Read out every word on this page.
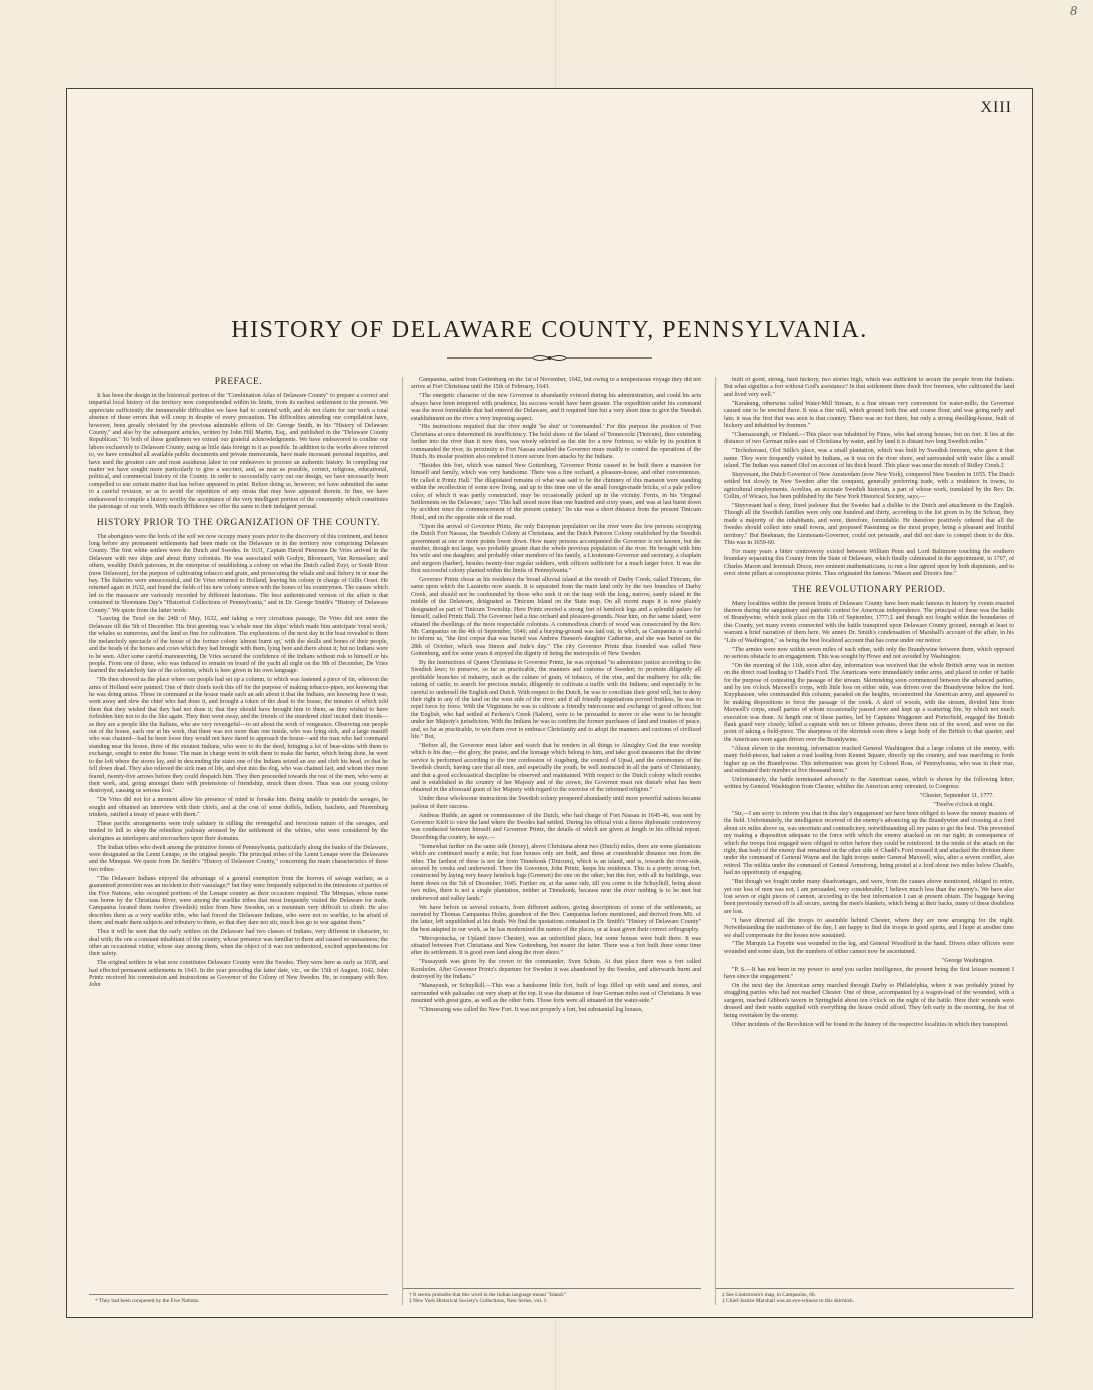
8
XIII
HISTORY OF DELAWARE COUNTY, PENNSYLVANIA.
PREFACE.

It has been the design in the historical portion of the "Combination Atlas of Delaware County" to prepare a correct and impartial local history of the territory now comprehended within its limits, from its earliest settlement to the present. We appreciate sufficiently the innumerable difficulties we have had to contend with, and do not claim for our work a total absence of those errors that will creep in despite of every precaution. The difficulties attending our compilation have, however, been greatly obviated by the previous admirable efforts of Dr. George Smith, in his "History of Delaware County," and also by the subsequent articles, written by John Hill Martin, Esq., and published in the "Delaware County Republican." To both of these gentlemen we extend our grateful acknowledgments. We have endeavored to confine our labors exclusively to Delaware County, using as little data foreign to it as possible. In addition to the works above referred to, we have consulted all available public documents and private memoranda, have made incessant personal inquiries, and have used the greatest care and most assiduous labor in our endeavors to procure an authentic history. In compiling our matter we have sought more particularly to give a succinct, and, as near as possible, correct, religious, educational, political, and commercial history of the County. In order to successfully carry out our design, we have necessarily been compelled to use certain matter that has before appeared in print. Before doing so, however, we have submitted the same to a careful revision, so as to avoid the repetition of any errata that may have appeared therein. In fine, we have endeavored to compile a history worthy the acceptance of the very intelligent portion of the community which constitutes the patronage of our work. With much diffidence we offer the same to their indulgent perusal.

HISTORY PRIOR TO THE ORGANIZATION OF THE COUNTY.

The aborigines were the lords of the soil we now occupy many years prior to the discovery of this continent, and hence long before any permanent settlements had been made on the Delaware or in the territory now comprising Delaware County. The first white settlers were the Dutch and Swedes. In 1631, Captain David Pietersen De Vries arrived in the Delaware with two ships and about thirty colonists. He was associated with Godyn, Bloemaert, Van Rensselaer, and others, wealthy Dutch patroons, in the enterprise of establishing a colony on what the Dutch called Zuyt, or South River (now Delaware), for the purpose of cultivating tobacco and grain, and prosecuting the whale and seal fishery in or near the bay. The fisheries were unsuccessful, and De Vries returned to Holland, leaving his colony in charge of Gillis Osset. He returned again in 1632, and found the fields of his new colony strewn with the bones of his countrymen. The causes which led to the massacre are variously recorded by different historians. The best authenticated version of the affair is that contained in Shoemans Day's "Historical Collections of Pennsylvania," and in Dr. George Smith's "History of Delaware County." We quote from the latter work:

"Leaving the Texel on the 24th of May, 1632, and taking a very circuitous passage, De Vries did not enter the Delaware till the 5th of December. His first greeting was 'a whale near the ships' which made him anticipate 'royal work,' the whales so numerous, and the land so fine for cultivation. The explorations of the next day in the boat revealed to them the melancholy spectacle of the house of the former colony 'almost burnt up,' with the skulls and bones of their people, and the heads of the horses and cows which they had brought with them, lying here and there about it; but no Indians were to be seen. After some careful manoeuvring, De Vries secured the confidence of the Indians without risk to himself or his people. From one of these, who was induced to remain on board of the yacht all night on the 9th of December, De Vries learned the melancholy fate of the colonists, which is here given in his own language:

"He then showed us the place where our people had set up a column, to which was fastened a piece of tin, whereon the arms of Holland were painted. One of their chiefs took this off for the purpose of making tobacco-pipes, not knowing that he was doing amiss. Those in command at the house made such an ado about it that the Indians, not knowing how it was, went away and slew the chief who had done it, and brought a token of the dead to the house, the inmates of which told them that they wished that they had not done it; that they should have brought him to them, as they wished to have forbidden him not to do the like again. They then went away, and the friends of the murdered chief incited their friends—as they are a people like the Italians, who are very revengeful—to set about the work of vengeance. Observing our people out of the house, each one at his work, that there was not more than one inside, who was lying sick, and a large mastiff who was chained—had he been loose they would not have dared to approach the house—and the man who had command standing near the house, three of the stoutest Indians, who were to do the deed, bringing a lot of bear-skins with them to exchange, sought to enter the house. The man in charge went in with them to make the barter, which being done, he went to the loft where the stores lay, and in descending the stairs one of the Indians seized an axe and cleft his head, so that he fell down dead. They also relieved the sick man of life, and shot into the dog, who was chained fast, and whom they most feared, twenty-five arrows before they could despatch him. They then proceeded towards the rest of the men, who were at their work, and, going amongst them with pretensions of friendship, struck them down. Thus was our young colony destroyed, causing us serious loss.'

"De Vries did not for a moment allow his presence of mind to forsake him. Being unable to punish the savages, he sought and obtained an interview with their chiefs, and at the cost of some duffels, bullets, hatchets, and Nuremburg trinkets, ratified a treaty of peace with them."

These pacific arrangements were truly salutary in stilling the revengeful and ferocious nature of the savages, and tended to lull to sleep the relentless jealousy aroused by the settlement of the whites, who were considered by the aborigines as interlopers and encroachers upon their domains.

The Indian tribes who dwelt among the primitive forests of Pennsylvania, particularly along the banks of the Delaware, were designated as the Lenni Lenape, or the original people. The principal tribes of the Lenni Lenape were the Delawares and the Minquas. We quote from Dr. Smith's "History of Delaware County," concerning the main characteristics of these two tribes:

"The Delaware Indians enjoyed the advantage of a general exemption from the horrors of savage warfare, as a guaranteed protection was an incident to their vassalage;* but they were frequently subjected to the intrusions of parties of the Five Nations, who occupied portions of the Lenape country as their occasions required. The Minquas, whose name was borne by the Christiana River, were among the warlike tribes that most frequently visited the Delaware for trade. Campanius located them twelve (Swedish) miles from New Sweden, on a mountain very difficult to climb. He also describes them as a very warlike tribe, who had forced the Delaware Indians, who were not so warlike, to be afraid of them; and made them subjects and tributary to them, so that they dare not stir, much less go to war against them."

Thus it will be seen that the early settlers on the Delaware had two classes of Indians, very different in character, to deal with; the one a constant inhabitant of the country, whose presence was familiar to them and caused no uneasiness; the other an occasional visitor, whose stay among them, when the object of it was not understood, excited apprehensions for their safety.

The original settlers in what now constitutes Delaware County were the Swedes. They were here as early as 1638, and had effected permanent settlements in 1643. In the year preceding the latter date, viz., on the 15th of August, 1642, John Printz received his commission and instructions as Governor of the Colony of New Sweden. He, in company with Rev. John

* They had been conquered by the Five Nations.

Campanius, sailed from Gottenburg on the 1st of November, 1642, but owing to a tempestuous voyage they did not arrive at Fort Christiana until the 15th of February, 1643.

"The energetic character of the new Governor is abundantly evinced during his administration, and could his acts always have been tempered with prudence, his success would have been greater. The expedition under his command was the most formidable that had entered the Delaware, and it required him but a very short time to give the Swedish establishment on the river a very imposing aspect.

"His instructions required that the river might 'be shut' or 'commanded.' For this purpose the position of Fort Christiana at once determined its insufficiency. The bold shore of the island of Tennecockt (Tinicum), then extending farther into the river than it now does, was wisely selected as the site for a new fortress; so while by its position it commanded the river, its proximity to Fort Nassau enabled the Governor more readily to control the operations of the Dutch. Its insular position also rendered it more secure from attacks by the Indians.

"Besides this fort, which was named New Gottenburg, 'Governor Printz caused to be built there a mansion for himself and family, which was very handsome. There was a fine orchard, a pleasure-house, and other conveniences. He called it Printz Hall.' The dilapidated remains of what was said to be the chimney of this mansion were standing within the recollection of some now living, and up to this time one of the small foreign-made bricks, of a pale yellow color, of which it was partly constructed, may be occasionally picked up in the vicinity. Ferris, in his 'Original Settlements on the Delaware,' says: 'This hall stood more than one hundred and sixty years, and was at last burnt down by accident since the commencement of the present century.' Its site was a short distance from the present Tinicum Hotel, and on the opposite side of the road.

"Upon the arrival of Governor Printz, the only European population on the river were the few persons occupying the Dutch Fort Nassau, the Swedish Colony at Christiana, and the Dutch Patroon Colony established by the Swedish government at one or more points lower down. How many persons accompanied the Governor is not known, but the number, though not large, was probably greater than the whole previous population of the river. He brought with him his wife and one daughter, and probably other members of his family, a Lieutenant-Governor and secretary, a chaplain and surgeon (barber), besides twenty-four regular soldiers, with officers sufficient for a much larger force. It was the first successful colony planted within the limits of Pennsylvania."

Governor Printz chose as his residence the broad alluvial island at the mouth of Darby Creek, called Tinicum, the same upon which the Lazaretto now stands. It is separated from the main land only by the two branches of Darby Creek, and should not be confounded by those who seek it on the map with the long, narrow, sandy island in the middle of the Delaware, designated as Tinicum Island on the State map. On all recent maps it is now plainly designated as part of Tinicum Township. Here Printz erected a strong fort of hemlock logs and a splendid palace for himself, called Printz Hall. The Governor had a fine orchard and pleasure-grounds. Near him, on the same island, were situated the dwellings of the more respectable colonists. A commodious church of wood was consecrated by the Rev. Mr. Campanius on the 4th of September, 1646; and a burying-ground was laid out, in which, as Campanius is careful to inform us, "the first corpse that was buried was Andrew Hansen's daughter Catherine, and she was buried on the 28th of October, which was Simon and Jude's day." The city Governor Printz thus founded was called New Gottenburg, and for some years it enjoyed the dignity of being the metropolis of New Sweden.

By the instructions of Queen Christiana to Governor Printz, he was enjoined "to administer justice according to the Swedish laws; to preserve, so far as practicable, the manners and customs of Sweden; to promote diligently all profitable branches of industry, such as the culture of grain, of tobacco, of the vine, and the mulberry for silk; the raising of cattle; to search for precious metals; diligently to cultivate a traffic with the Indians; and especially to be careful to undersell the English and Dutch. With respect to the Dutch, he was to conciliate their good will, but to deny their right to any of the land on the west side of the river; and if all friendly negotiations proved fruitless, he was to repel force by force. With the Virginians he was to cultivate a friendly intercourse and exchange of good offices; but the English, who had settled at Ferkens's Creek (Salem), were to be persuaded to move or else were to be brought under her Majesty's jurisdiction. With the Indians he was to confirm the former purchases of land and treaties of peace, and, so far as practicable, to win them over to embrace Christianity and to adopt the manners and customs of civilized life." But,

"Before all, the Governor must labor and watch that he renders in all things to Almighty God the true worship which is his due,—the glory, the praise, and the homage which belong to him, and take good measures that the divine service is performed according to the true confession of Augsburg, the council of Upsal, and the ceremonies of the Swedish church, having care that all men, and especially the youth, be well instructed in all the parts of Christianity, and that a good ecclesiastical discipline be observed and maintained. With respect to the Dutch colony which resides and is established in the country of her Majesty and of the crown, the Governor must not disturb what has been obtained in the aforesaid grant of her Majesty with regard to the exercise of the reformed religion."

Under these wholesome instructions the Swedish colony prospered abundantly until more powerful nations became jealous of their success.

Andreas Hudde, an agent or commissioner of the Dutch, who had charge of Fort Nassau in 1645-46, was sent by Governor Kieft to view the land where the Swedes had settled. During his official visit a fierce diplomatic controversy was conducted between himself and Governor Printz, the details of which are given at length in his official report. Describing the country, he says,—

"Somewhat farther on the same side (Jersey), above Christiana about two (Dutch) miles, there are some plantations which are continued nearly a mile; but four houses only are built, and these at considerable distance one from the other. The farthest of these is not far from Tinnekonk (Tinicum), which is an island, and is, towards the river-side, secured by creeks and underwood. There the Governor, John Printz, keeps his residence. This is a pretty strong fort, constructed by laying very heavy hemlock logs (Greenen) the one on the other; but this fort, with all its buildings, was burnt down on the 5th of December, 1645. Further on, at the same side, till you come to the Schuylkill, being about two miles, there is not a single plantation, neither at Tinnekonk, because near the river nothing is to be met but underwood and valley lands."

We have before us several extracts, from different authors, giving descriptions of some of the settlements, as narrated by Thomas Campanius Holm, grandson of the Rev. Campanius before mentioned, and derived from MS. of the latter, left unpublished at his death. We find the quotations contained in Dr. Smith's "History of Delaware County" the best adapted to our work, as he has modernized the names of the places, or at least given their correct orthography.

"Mecoponacka, or Upland (now Chester), was an unfortified place, but some houses were built there. It was situated between Fort Christiana and New Gottenburg, but nearer the latter. There was a fort built there some time after its settlement. It is good even land along the river shore."

"Passayunk was given by the crown to the commander, Sven Schute. At that place there was a fort called Korsholm. After Governor Printz's departure for Sweden it was abandoned by the Swedes, and afterwards burnt and destroyed by the Indians."

"Manayunk, or Schuylkill.—This was a handsome little fort, built of logs filled up with sand and stones, and surrounded with palisades cut very sharp at the top. It was the distance of four German miles east of Christiana. It was mounted with great guns, as well as the other forts. Those forts were all situated on the water-side."

"Chinsessing was called the New Fort. It was not properly a fort, but substantial log houses,

† It seems probable that this word in the Indian language meant "Island."
‡ New York Historical Society's Collections, New Series, vol. 1.

built of good, strong, hard hickory, two stories high, which was sufficient to secure the people from the Indians. But what signifies a fort without God's assistance? In that settlement there dwelt five freemen, who cultivated the land and lived very well."

"Karakung, otherwise called Water-Mill Stream, is a fine stream very convenient for water-mills; the Governor caused one to be erected there. It was a fine mill, which ground both fine and coarse flour, and was going early and late; it was the first that was seen in that country. There was no fort there, but only a strong dwelling-house, built of hickory and inhabited by freemen."

"Chamassungh, or Finland.—This place was inhabited by Finns, who had strong houses, but no fort. It lies at the distance of two German miles east of Christiana by water, and by land it is distant two long Swedish miles."

"Techoherassi, Olof Stille's place, was a small plantation, which was built by Swedish freemen, who gave it that name. They were frequently visited by Indians, as it was on the river shore, and surrounded with water like a small island. The Indian was named Olof on account of his thick beard. This place was near the mouth of Ridley Creek.‡

Stuyvesant, the Dutch Governor of New Amsterdam (now New York), conquered New Sweden in 1655. The Dutch settled but slowly in New Sweden after the conquest, generally preferring trade, with a residence in towns, to agricultural employments. Acrelius, an accurate Swedish historian, a part of whose work, translated by the Rev. Dr. Collin, of Wicaco, has been published by the New York Historical Society, says,—

"Stuyvesant had a deep, fixed jealousy that the Swedes had a dislike to the Dutch and attachment to the English. Though all the Swedish families were only one hundred and thirty, according to the list given in by the Schout, they made a majority of the inhabitants, and were, therefore, formidable. He therefore positively ordered that all the Swedes should collect into small towns, and proposed Passuinng as the most proper, being a pleasant and fruitful territory." But Beekman, the Lieutenant-Governor, could not persuade, and did not dare to compel them to do this. This was in 1659-60.

For many years a bitter controversy existed between William Penn and Lord Baltimore touching the southern boundary separating this County from the State of Delaware, which finally culminated in the appointment, in 1767, of Charles Mason and Jeremiah Dixon, two eminent mathematicians, to run a line agreed upon by both disputants, and to erect stone pillars at conspicuous points. Thus originated the famous "Mason and Dixon's line."

THE REVOLUTIONARY PERIOD.

Many localities within the present limits of Delaware County have been made famous in history by events enacted thereon during the sanguinary and patriotic contest for American independence. The principal of these was the battle of Brandywine, which took place on the 11th of September, 1777;‡ and though not fought within the boundaries of this County, yet many events connected with the battle transpired upon Delaware County ground, enough at least to warrant a brief narration of them here. We annex Dr. Smith's condensation of Marshall's account of the affair, in his "Life of Washington," as being the best localized account that has come under our notice:

"The armies were now within seven miles of each other, with only the Brandywine between them, which opposed no serious obstacle to an engagement. This was sought by Howe and not avoided by Washington.

"On the morning of the 11th, soon after day, information was received that the whole British army was in motion on the direct road leading to Chadd's Ford. The Americans were immediately under arms, and placed in order of battle for the purpose of contesting the passage of the stream. Skirmishing soon commenced between the advanced parties, and by ten o'clock Maxwell's corps, with little loss on either side, was driven over the Brandywine below the ford. Knyphausen, who commanded this column, paraded on the heights, reconnoitred the American army, and appeared to be making dispositions to force the passage of the creek. A skirt of woods, with the stream, divided him from Maxwell's corps, small parties of whom occasionally passed over and kept up a scattering fire, by which not much execution was done. At length one of these parties, led by Captains Waggoner and Porterfield, engaged the British flank guard very closely, killed a captain with ten or fifteen privates, drove them out of the wood, and were on the point of taking a field-piece. The sharpness of the skirmish soon drew a large body of the British to that quarter, and the Americans were again driven over the Brandywine.

"About eleven in the morning, information reached General Washington that a large column of the enemy, with many field-pieces, had taken a road leading from Kennet Square, directly up the country, and was marching to fords higher up on the Brandywine. This information was given by Colonel Ross, of Pennsylvania, who was in their rear, and estimated their number at five thousand men."

Unfortunately, the battle terminated adversely to the American cause, which is shown by the following letter, written by General Washington from Chester, whither the American army retreated, to Congress:

"Chester, September 11, 1777.

"Twelve o'clock at night.

"Sir,—I am sorry to inform you that in this day's engagement we have been obliged to leave the enemy masters of the field. Unfortunately, the intelligence received of the enemy's advancing up the Brandywine and crossing at a ford about six miles above us, was uncertain and contradictory, notwithstanding all my pains to get the best. This prevented my making a disposition adequate to the force with which the enemy attacked us on our right; in consequence of which the troops first engaged were obliged to retire before they could be reinforced. In the midst of the attack on the right, that body of the enemy that remained on the other side of Chadd's Ford crossed it and attacked the division there under the command of General Wayne and the light troops under General Maxwell, who, after a severe conflict, also retired. The militia under the command of General Armstrong, being posted at a ford about two miles below Chadd's, had no opportunity of engaging.

"But though we fought under many disadvantages, and were, from the causes above mentioned, obliged to retire, yet our loss of men was not, I am persuaded, very considerable; I believe much less than the enemy's. We have also lost seven or eight pieces of cannon, according to the best information I can at present obtain. The baggage having been previously moved off is all secure, saving the men's blankets, which being at their backs, many of these doubtless are lost.

"I have directed all the troops to assemble behind Chester, where they are now arranging for the night. Notwithstanding the misfortunes of the day, I am happy to find the troops in good spirits, and I hope at another time we shall compensate for the losses now sustained.

"The Marquis La Fayette was wounded in the leg, and General Woodford in the hand. Divers other officers were wounded and some slain, but the numbers of either cannot now be ascertained.

"George Washington.

"P. S.—It has not been in my power to send you earlier intelligence, the present being the first leisure moment I have since the engagement."

On the next day the American army marched through Darby to Philadelphia, where it was probably joined by straggling parties who had not reached Chester. One of these, accompanied by a wagon-load of the wounded, with a surgeon, reached Gibbon's tavern in Springfield about ten o'clock on the night of the battle. Here their wounds were dressed and their wants supplied with everything the house could afford. They left early in the morning, for fear of being overtaken by the enemy.

Other incidents of the Revolution will be found in the history of the respective localities in which they transpired.

‡ See Lindstroom's map, in Campanius, 66.
‡ Chief-Justice Marshall was an eye-witness to this skirmish.
